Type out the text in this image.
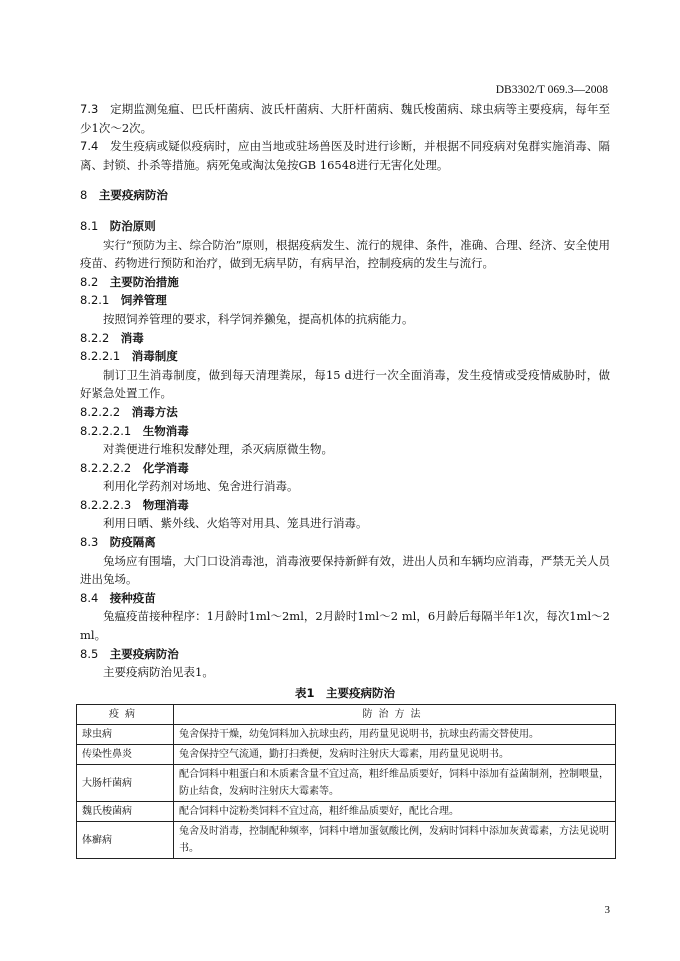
DB3302/T 069.3—2008
7.3　 定期监测兔瘟、巴氏杆菌病、波氏杆菌病、大肝杆菌病、魏氏梭菌病、球虫病等主要疫病，每年至少1次～2次。
7.4　 发生疫病或疑似疫病时，应由当地或驻场兽医及时进行诊断，并根据不同疫病对兔群实施消毒、隔离、封锁、扑杀等措施。病死兔或淘汰兔按GB 16548进行无害化处理。
8　 主要疫病防治
8.1　 防治原则
实行“预防为主、综合防治”原则，根据疫病发生、流行的规律、条件，准确、合理、经济、安全使用疫苗、药物进行预防和治疗，做到无病早防，有病早治，控制疫病的发生与流行。
8.2　 主要防治措施
8.2.1　 饲养管理
按照饲养管理的要求，科学饲养獭兔，提高机体的抗病能力。
8.2.2　 消毒
8.2.2.1　 消毒制度
制订卫生消毒制度，做到每天清理粪尿，每15 d进行一次全面消毒，发生疫情或受疫情威胁时，做好紧急处置工作。
8.2.2.2　 消毒方法
8.2.2.2.1　 生物消毒
对粪便进行堆积发酵处理，杀灭病原微生物。
8.2.2.2.2　 化学消毒
利用化学药剂对场地、兔舍进行消毒。
8.2.2.2.3　 物理消毒
利用日晒、紫外线、火焰等对用具、笼具进行消毒。
8.3　 防疫隔离
兔场应有围墙，大门口设消毒池，消毒液要保持新鲜有效，进出人员和车辆均应消毒，严禁无关人员进出兔场。
8.4　 接种疫苗
兔瘟疫苗接种程序：1月龄时1ml～2ml，2月龄时1ml～2 ml，6月龄后每隔半年1次，每次1ml～2 ml。
8.5　 主要疫病防治
主要疫病防治见表1。
表1　主要疫病防治
疫病	防治方法
球虫病	兔舍保持干燥，幼兔饲料加入抗球虫药，用药量见说明书，抗球虫药需交替使用。
传染性鼻炎	兔舍保持空气流通，勤打扫粪便，发病时注射庆大霉素，用药量见说明书。
大肠杆菌病	配合饲料中粗蛋白和木质素含量不宜过高，粗纤维品质要好，饲料中添加有益菌制剂，控制喂量，防止结食，发病时注射庆大霉素等。
魏氏梭菌病	配合饲料中淀粉类饲料不宜过高，粗纤维品质要好，配比合理。
体癣病	兔舍及时消毒，控制配种频率，饲料中增加蛋氨酸比例，发病时饲料中添加灰黄霉素，方法见说明书。
3
